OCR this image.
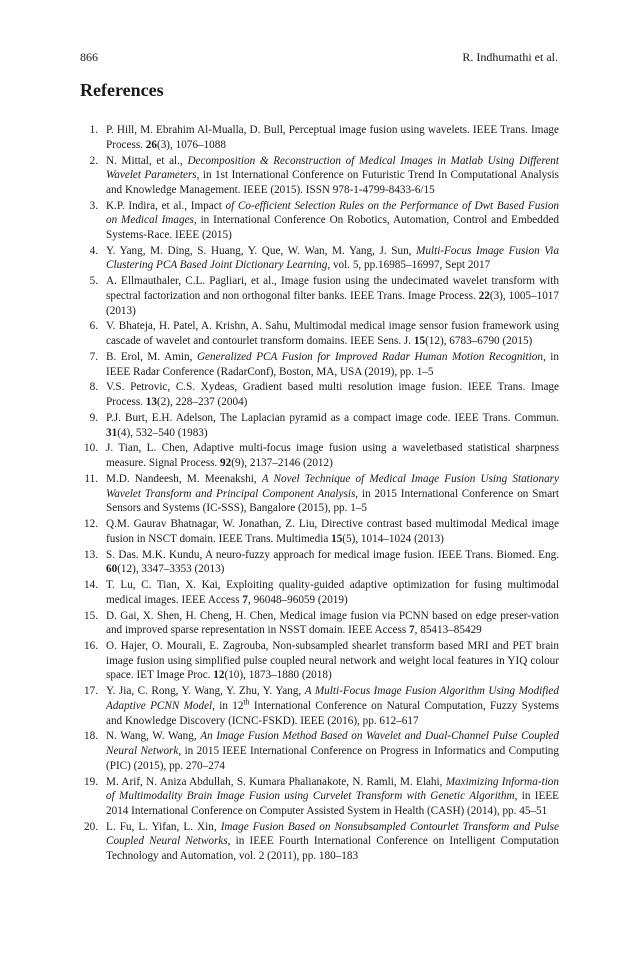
866	R. Indhumathi et al.
References
1. P. Hill, M. Ebrahim Al-Mualla, D. Bull, Perceptual image fusion using wavelets. IEEE Trans. Image Process. 26(3), 1076–1088
2. N. Mittal, et al., Decomposition & Reconstruction of Medical Images in Matlab Using Different Wavelet Parameters, in 1st International Conference on Futuristic Trend In Computational Analysis and Knowledge Management. IEEE (2015). ISSN 978-1-4799-8433-6/15
3. K.P. Indira, et al., Impact of Co-efficient Selection Rules on the Performance of Dwt Based Fusion on Medical Images, in International Conference On Robotics, Automation, Control and Embedded Systems-Race. IEEE (2015)
4. Y. Yang, M. Ding, S. Huang, Y. Que, W. Wan, M. Yang, J. Sun, Multi-Focus Image Fusion Via Clustering PCA Based Joint Dictionary Learning, vol. 5, pp.16985–16997, Sept 2017
5. A. Ellmauthaler, C.L. Pagliari, et al., Image fusion using the undecimated wavelet transform with spectral factorization and non orthogonal filter banks. IEEE Trans. Image Process. 22(3), 1005–1017 (2013)
6. V. Bhateja, H. Patel, A. Krishn, A. Sahu, Multimodal medical image sensor fusion framework using cascade of wavelet and contourlet transform domains. IEEE Sens. J. 15(12), 6783–6790 (2015)
7. B. Erol, M. Amin, Generalized PCA Fusion for Improved Radar Human Motion Recognition, in IEEE Radar Conference (RadarConf), Boston, MA, USA (2019), pp. 1–5
8. V.S. Petrovic, C.S. Xydeas, Gradient based multi resolution image fusion. IEEE Trans. Image Process. 13(2), 228–237 (2004)
9. P.J. Burt, E.H. Adelson, The Laplacian pyramid as a compact image code. IEEE Trans. Commun. 31(4), 532–540 (1983)
10. J. Tian, L. Chen, Adaptive multi-focus image fusion using a waveletbased statistical sharpness measure. Signal Process. 92(9), 2137–2146 (2012)
11. M.D. Nandeesh, M. Meenakshi, A Novel Technique of Medical Image Fusion Using Stationary Wavelet Transform and Principal Component Analysis, in 2015 International Conference on Smart Sensors and Systems (IC-SSS), Bangalore (2015), pp. 1–5
12. Q.M. Gaurav Bhatnagar, W. Jonathan, Z. Liu, Directive contrast based multimodal Medical image fusion in NSCT domain. IEEE Trans. Multimedia 15(5), 1014–1024 (2013)
13. S. Das. M.K. Kundu, A neuro-fuzzy approach for medical image fusion. IEEE Trans. Biomed. Eng. 60(12), 3347–3353 (2013)
14. T. Lu, C. Tian, X. Kai, Exploiting quality-guided adaptive optimization for fusing multimodal medical images. IEEE Access 7, 96048–96059 (2019)
15. D. Gai, X. Shen, H. Cheng, H. Chen, Medical image fusion via PCNN based on edge preser-vation and improved sparse representation in NSST domain. IEEE Access 7, 85413–85429
16. O. Hajer, O. Mourali, E. Zagrouba, Non-subsampled shearlet transform based MRI and PET brain image fusion using simplified pulse coupled neural network and weight local features in YIQ colour space. IET Image Proc. 12(10), 1873–1880 (2018)
17. Y. Jia, C. Rong, Y. Wang, Y. Zhu, Y. Yang, A Multi-Focus Image Fusion Algorithm Using Modified Adaptive PCNN Model, in 12th International Conference on Natural Computation, Fuzzy Systems and Knowledge Discovery (ICNC-FSKD). IEEE (2016), pp. 612–617
18. N. Wang, W. Wang, An Image Fusion Method Based on Wavelet and Dual-Channel Pulse Coupled Neural Network, in 2015 IEEE International Conference on Progress in Informatics and Computing (PIC) (2015), pp. 270–274
19. M. Arif, N. Aniza Abdullah, S. Kumara Phalianakote, N. Ramli, M. Elahi, Maximizing Informa-tion of Multimodality Brain Image Fusion using Curvelet Transform with Genetic Algorithm, in IEEE 2014 International Conference on Computer Assisted System in Health (CASH) (2014), pp. 45–51
20. L. Fu, L. Yifan, L. Xin, Image Fusion Based on Nonsubsampled Contourlet Transform and Pulse Coupled Neural Networks, in IEEE Fourth International Conference on Intelligent Computation Technology and Automation, vol. 2 (2011), pp. 180–183
